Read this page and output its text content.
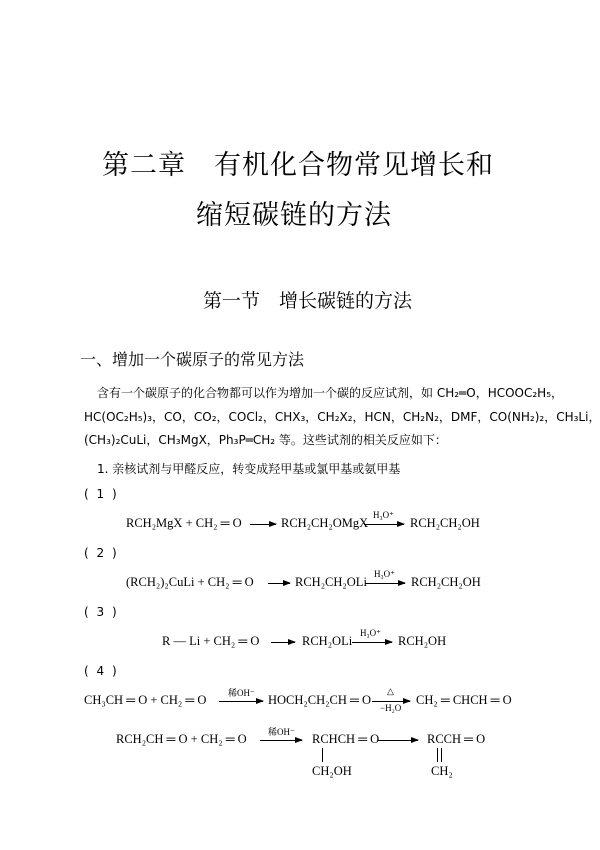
第二章　有机化合物常见增长和
缩短碳链的方法
第一节　增长碳链的方法
一、增加一个碳原子的常见方法
含有一个碳原子的化合物都可以作为增加一个碳的反应试剂，如 CH₂═O，HCOOC₂H₅，
HC(OC₂H₅)₃，CO，CO₂，COCl₂，CHX₃，CH₂X₂，HCN，CH₂N₂，DMF，CO(NH₂)₂，CH₃Li，
(CH₃)₂CuLi，CH₃MgX，Ph₃P═CH₂ 等。这些试剂的相关反应如下：
1. 亲核试剂与甲醛反应，转变成羟甲基或氯甲基或氨甲基
( 1 )
RCH₂MgX + CH₂ ═ O → RCH₂CH₂OMgX
H₃O⁺
→ RCH₂CH₂OH
( 2 )
(RCH₂)₂CuLi + CH₂ ═ O → RCH₂CH₂OLi
H₃O⁺
→ RCH₂CH₂OH
( 3 )
R — Li + CH₂ ═ O → RCH₂OLi
H₃O⁺
→ RCH₂OH
( 4 )
CH₃CH ═ O + CH₂ ═ O 稀OH⁻ → HOCH₂CH₂CH ═ O
△
−H₂O
CH₂ ═ CHCH ═ O
RCH₂CH ═ O + CH₂ ═ O 稀OH⁻ → RCHCH ═ O
CH₂OH
→ RCCH ═ O
CH₂
